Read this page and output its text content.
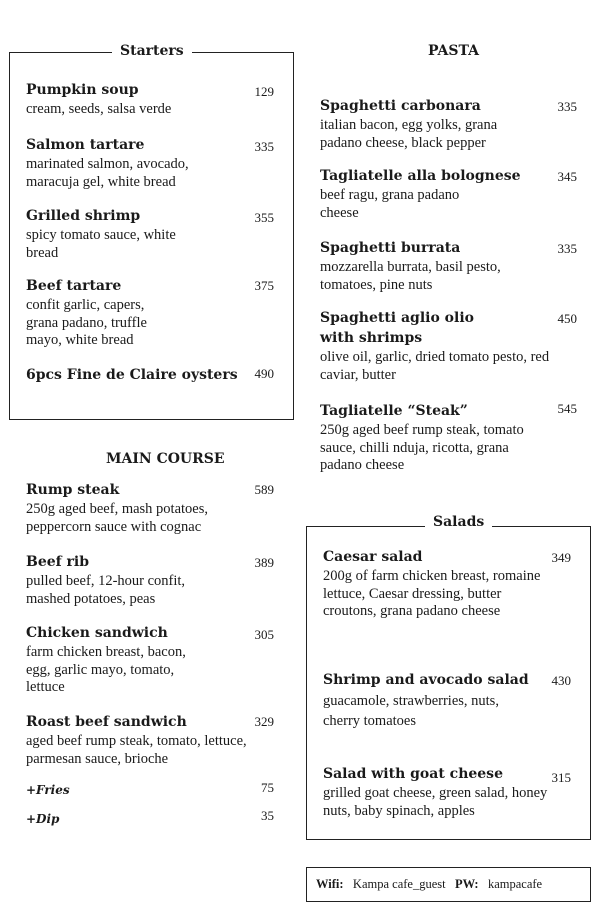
Starters
Pumpkin soup
cream, seeds, salsa verde
129
Salmon tartare
marinated salmon, avocado, maracuja gel, white bread
335
Grilled shrimp
spicy tomato sauce, white bread
355
Beef tartare
confit garlic, capers, grana padano, truffle mayo, white bread
375
6pcs Fine de Claire oysters	490
MAIN COURSE
Rump steak
250g aged beef, mash potatoes, peppercorn sauce with cognac
589
Beef rib
pulled beef, 12-hour confit, mashed potatoes, peas
389
Chicken sandwich
farm chicken breast, bacon, egg, garlic mayo, tomato, lettuce
305
Roast beef sandwich
aged beef rump steak, tomato, lettuce, parmesan sauce, brioche
329
+Fries	75
+Dip	35
PASTA
Spaghetti carbonara
italian bacon, egg yolks, grana padano cheese, black pepper
335
Tagliatelle alla bolognese
beef ragu, grana padano cheese
345
Spaghetti burrata
mozzarella burrata, basil pesto, tomatoes, pine nuts
335
Spaghetti aglio olio with shrimps
olive oil, garlic, dried tomato pesto, red caviar, butter
450
Tagliatelle “Steak”
250g aged beef rump steak, tomato sauce, chilli nduja, ricotta, grana padano cheese
545
Salads
Caesar salad
200g of farm chicken breast, romaine lettuce, Caesar dressing, butter croutons, grana padano cheese
349
Shrimp and avocado salad
guacamole, strawberries, nuts, cherry tomatoes
430
Salad with goat cheese
grilled goat cheese, green salad, honey nuts, baby spinach, apples
315
Wifi: Kampa cafe_guest PW: kampacafe
